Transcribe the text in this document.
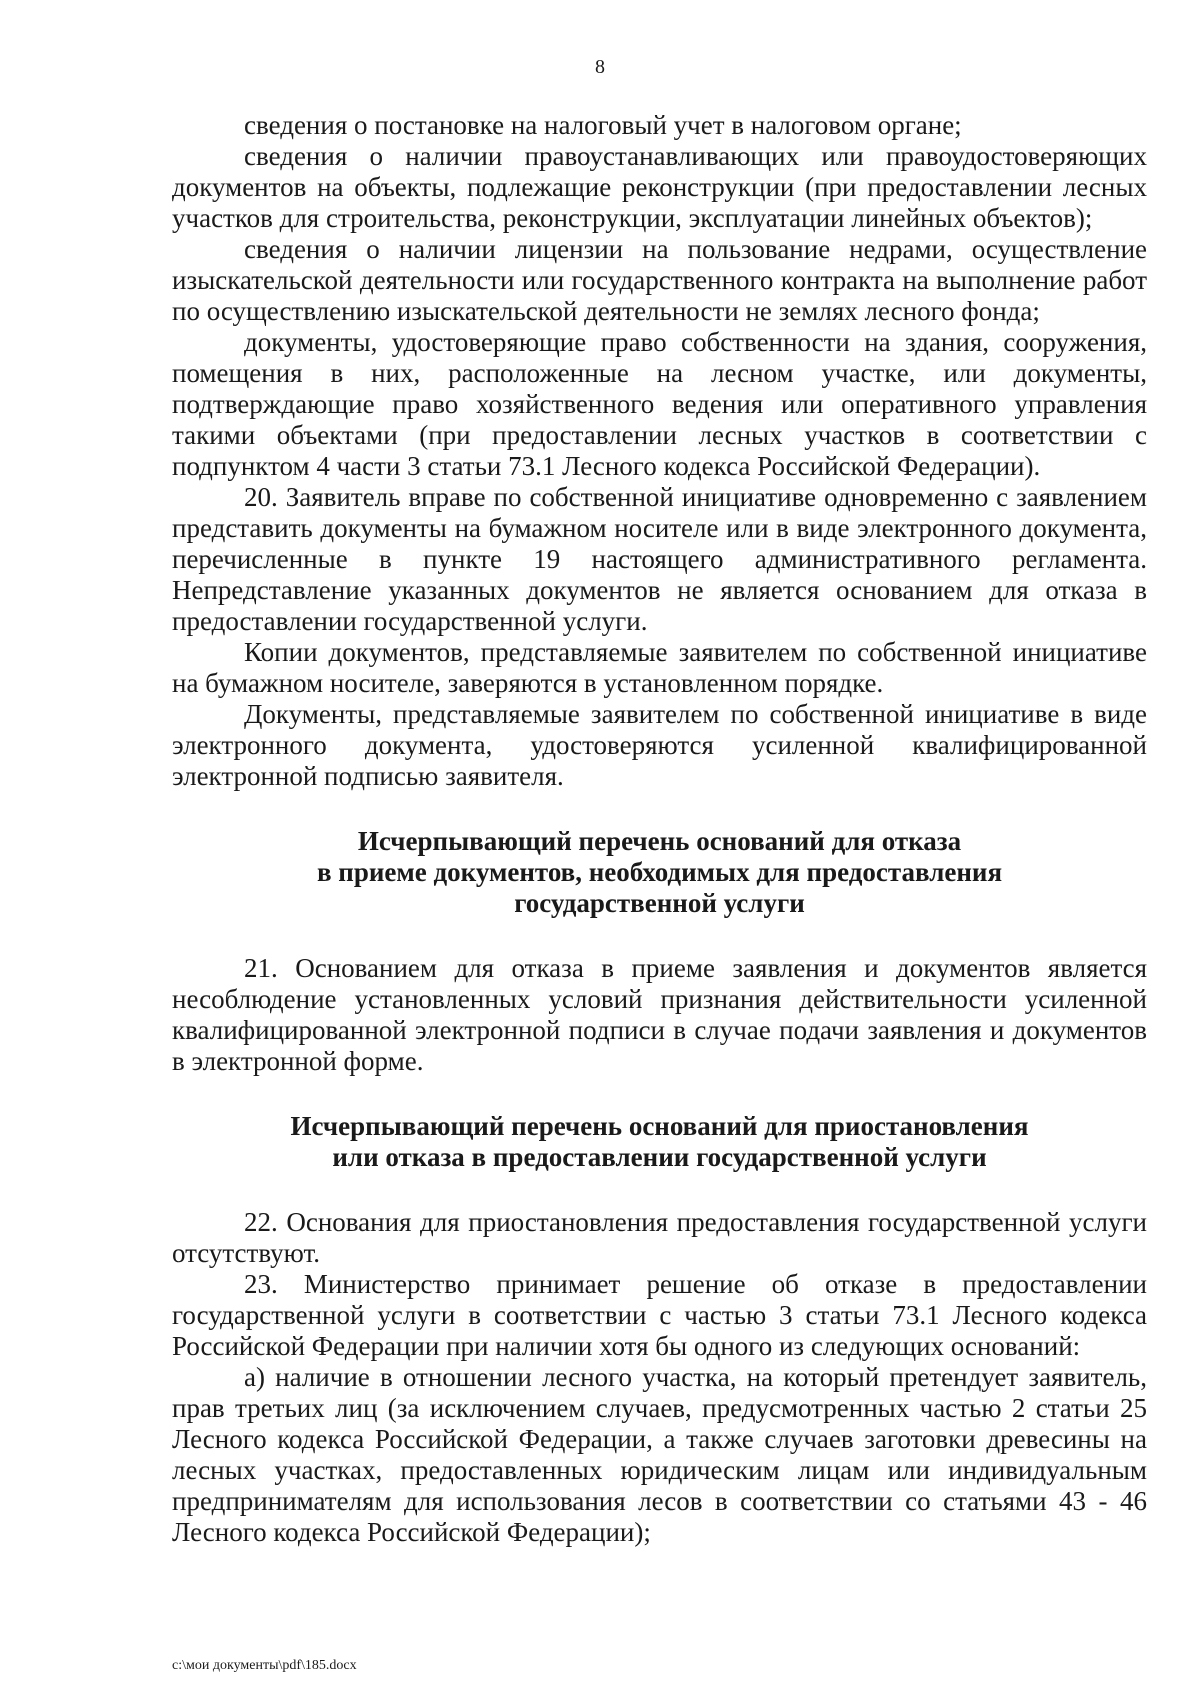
8

сведения о постановке на налоговый учет в налоговом органе;

сведения о наличии правоустанавливающих или правоудостоверяющих документов на объекты, подлежащие реконструкции (при предоставлении лесных участков для строительства, реконструкции, эксплуатации линейных объектов);

сведения о наличии лицензии на пользование недрами, осуществление изыскательской деятельности или государственного контракта на выполнение работ по осуществлению изыскательской деятельности не землях лесного фонда;

документы, удостоверяющие право собственности на здания, сооружения, помещения в них, расположенные на лесном участке, или документы, подтверждающие право хозяйственного ведения или оперативного управления такими объектами (при предоставлении лесных участков в соответствии с подпунктом 4 части 3 статьи 73.1 Лесного кодекса Российской Федерации).

20. Заявитель вправе по собственной инициативе одновременно с заявлением представить документы на бумажном носителе или в виде электронного документа, перечисленные в пункте 19 настоящего административного регламента. Непредставление указанных документов не является основанием для отказа в предоставлении государственной услуги.

Копии документов, представляемые заявителем по собственной инициативе на бумажном носителе, заверяются в установленном порядке.

Документы, представляемые заявителем по собственной инициативе в виде электронного документа, удостоверяются усиленной квалифицированной электронной подписью заявителя.

Исчерпывающий перечень оснований для отказа
в приеме документов, необходимых для предоставления
государственной услуги

21. Основанием для отказа в приеме заявления и документов является несоблюдение установленных условий признания действительности усиленной квалифицированной электронной подписи в случае подачи заявления и документов в электронной форме.

Исчерпывающий перечень оснований для приостановления
или отказа в предоставлении государственной услуги

22. Основания для приостановления предоставления государственной услуги отсутствуют.

23. Министерство принимает решение об отказе в предоставлении государственной услуги в соответствии с частью 3 статьи 73.1 Лесного кодекса Российской Федерации при наличии хотя бы одного из следующих оснований:

а) наличие в отношении лесного участка, на который претендует заявитель, прав третьих лиц (за исключением случаев, предусмотренных частью 2 статьи 25 Лесного кодекса Российской Федерации, а также случаев заготовки древесины на лесных участках, предоставленных юридическим лицам или индивидуальным предпринимателям для использования лесов в соответствии со статьями 43 - 46 Лесного кодекса Российской Федерации);

c:\мои документы\pdf\185.docx
